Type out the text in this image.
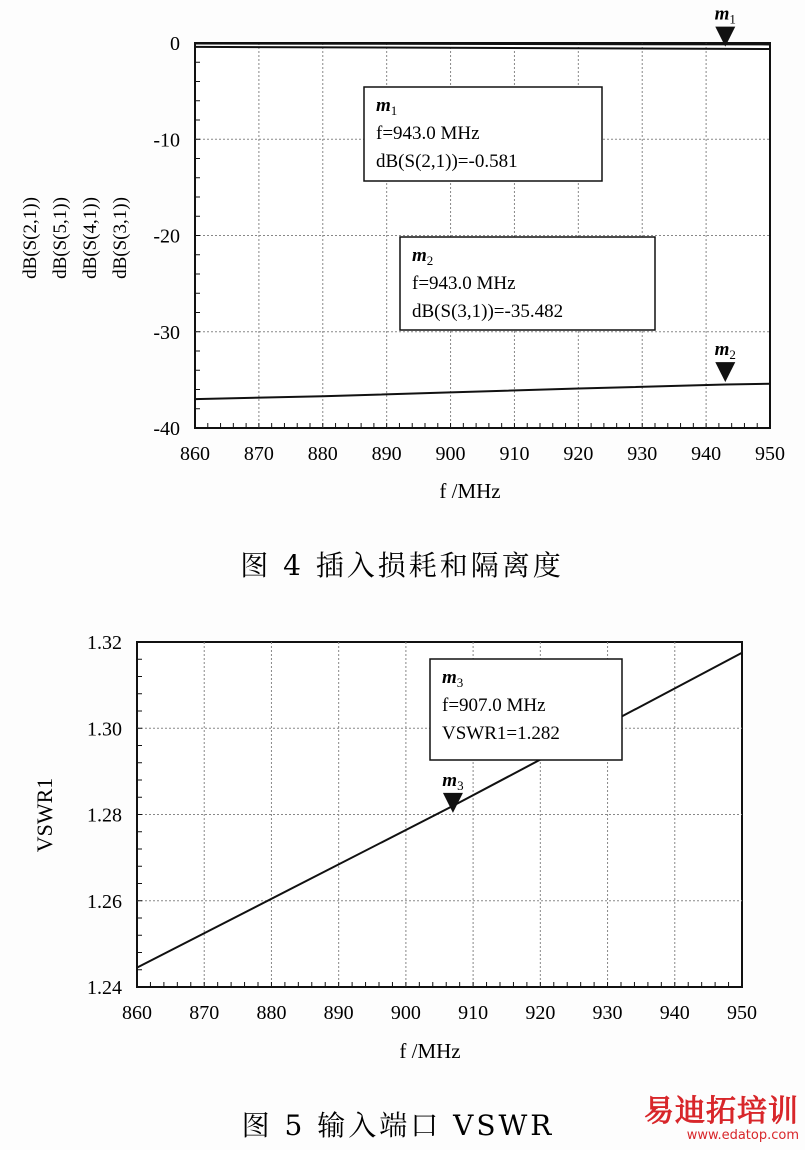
860 870 880 890 900 910 920 930 940 950
0
-10
-20
-30
-40
$m_1$
$m_1$
f=943.0 MHz
dB(S(2,1))=-0.581
$m_2$
$m_2$
f=943.0 MHz
dB(S(3,1))=-35.482
f /MHz
dB(S(2,1)) dB(S(5,1)) dB(S(4,1)) dB(S(3,1))
图 4 插入损耗和隔离度
860 870 880 890 900 910 920 930 940 950
1.32
1.30
1.28
1.26
1.24
$m_3$
$m_3$
f=907.0 MHz
VSWR1=1.282
f /MHz
VSWR1
图 5 输入端口 VSWR	易迪拓培训
www.edatop.com
